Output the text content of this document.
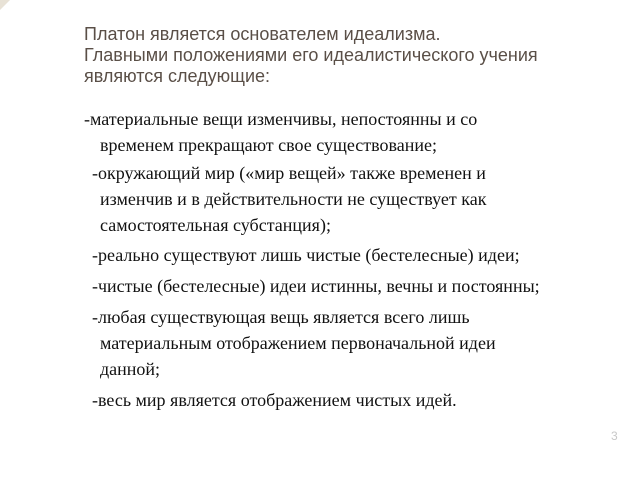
Платон является основателем идеализма.
Главными положениями его идеалистического учения
являются следующие:
-материальные вещи изменчивы, непостоянны и со
временем прекращают свое существование;
-окружающий мир («мир вещей» также временен и
изменчив и в действительности не существует как
самостоятельная субстанция);
-реально существуют лишь чистые (бестелесные) идеи;
-чистые (бестелесные) идеи истинны, вечны и постоянны;
-любая существующая вещь является всего лишь
материальным отображением первоначальной идеи
данной;
-весь мир является отображением чистых идей.
3
